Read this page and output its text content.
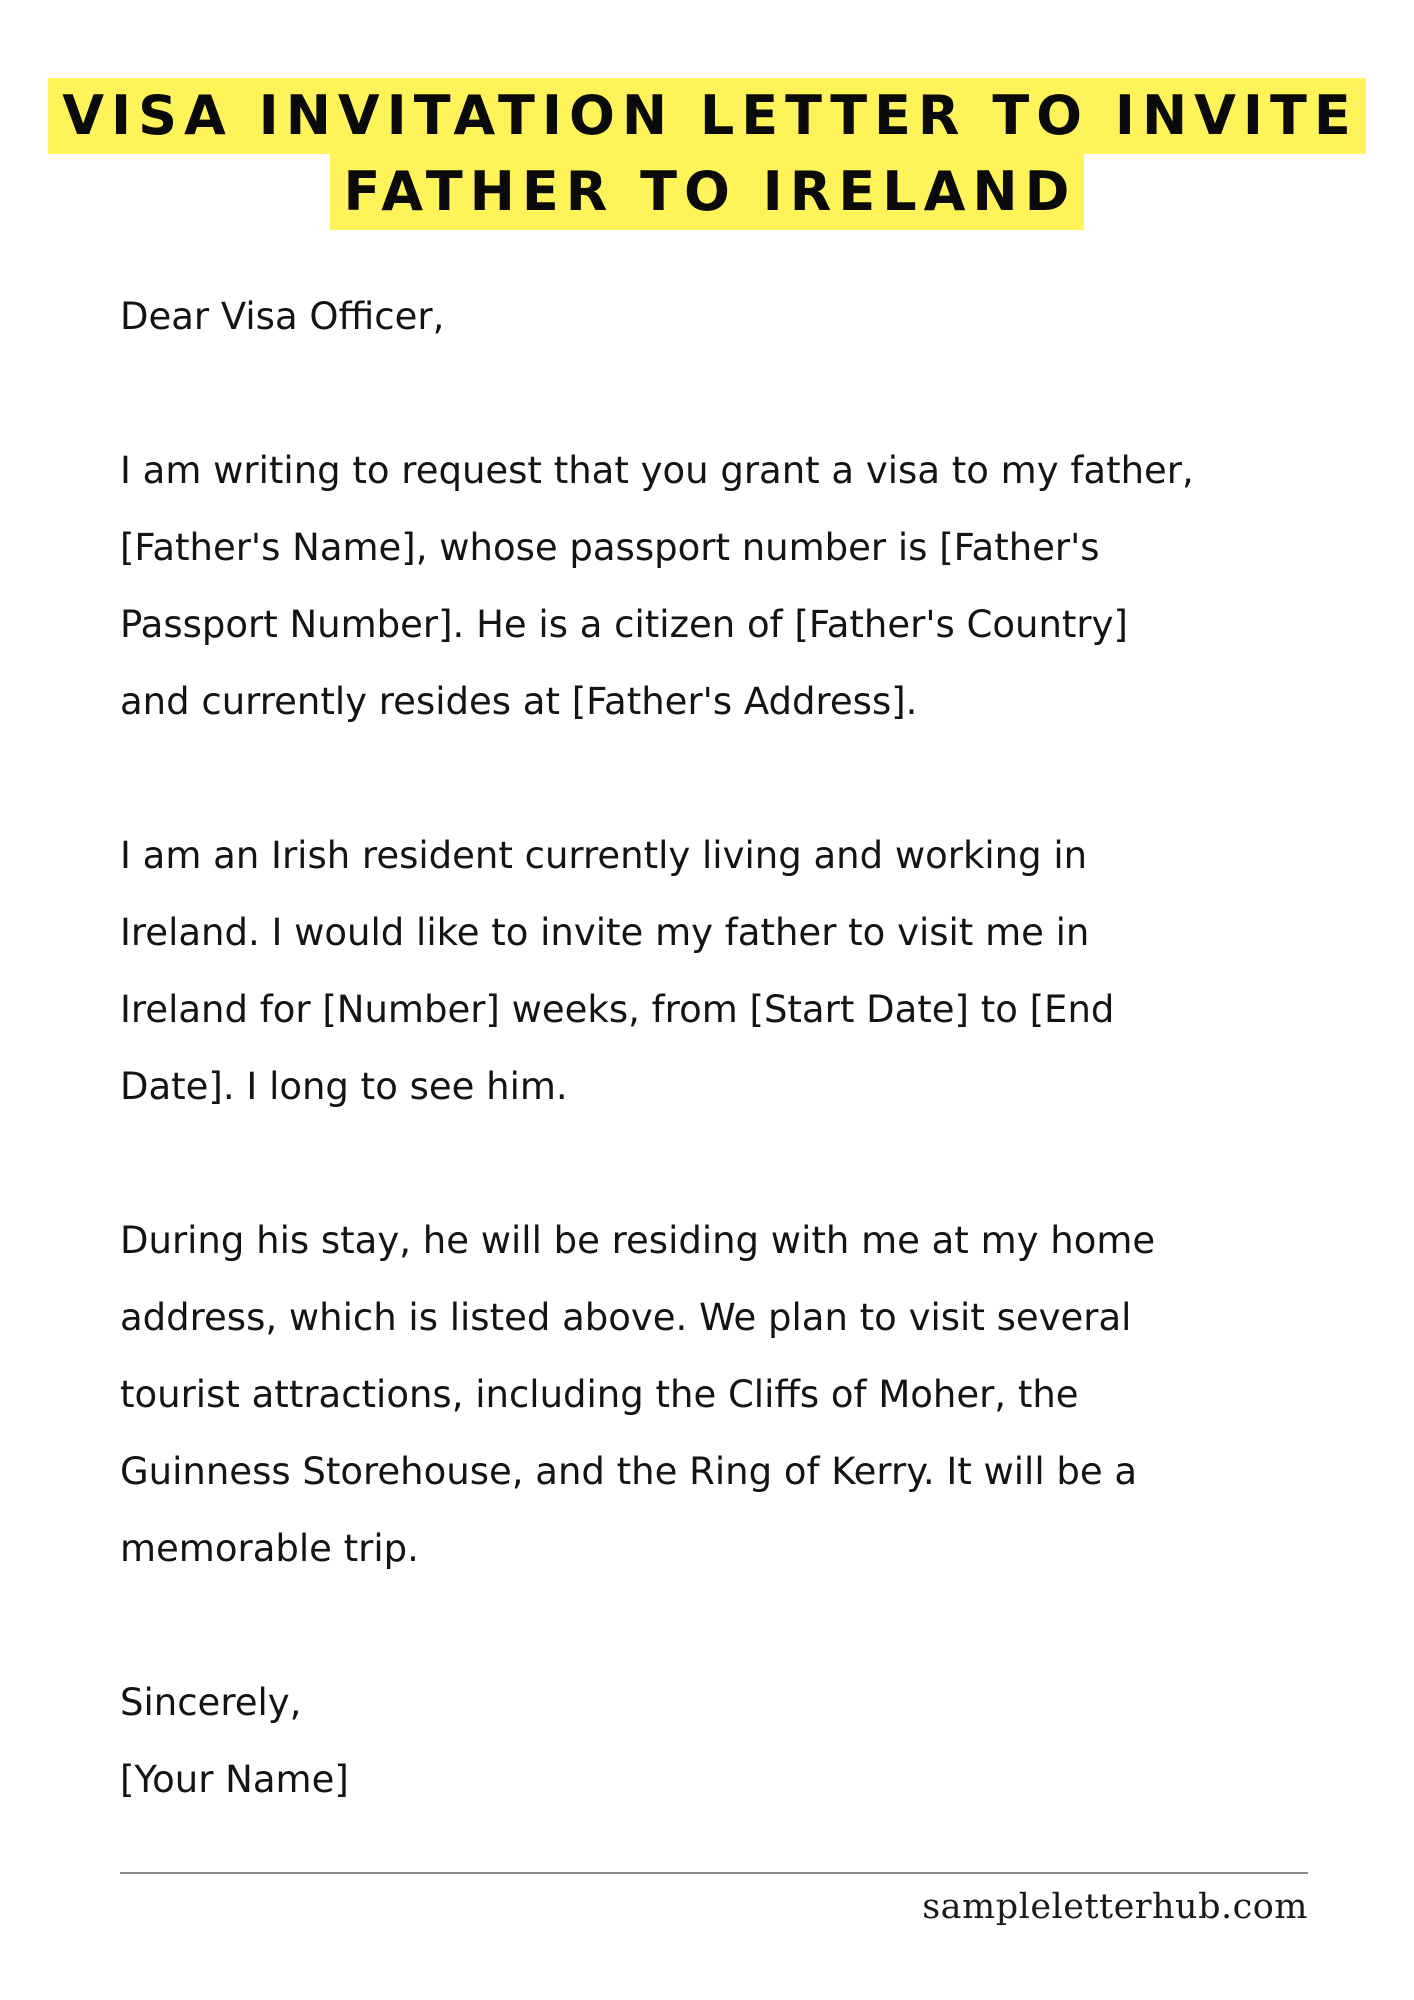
VISA INVITATION LETTER TO INVITE
FATHER TO IRELAND

Dear Visa Officer,

I am writing to request that you grant a visa to my father,
[Father's Name], whose passport number is [Father's
Passport Number]. He is a citizen of [Father's Country]
and currently resides at [Father's Address].

I am an Irish resident currently living and working in
Ireland. I would like to invite my father to visit me in
Ireland for [Number] weeks, from [Start Date] to [End
Date]. I long to see him.

During his stay, he will be residing with me at my home
address, which is listed above. We plan to visit several
tourist attractions, including the Cliffs of Moher, the
Guinness Storehouse, and the Ring of Kerry. It will be a
memorable trip.

Sincerely,

[Your Name]

sampleletterhub.com
